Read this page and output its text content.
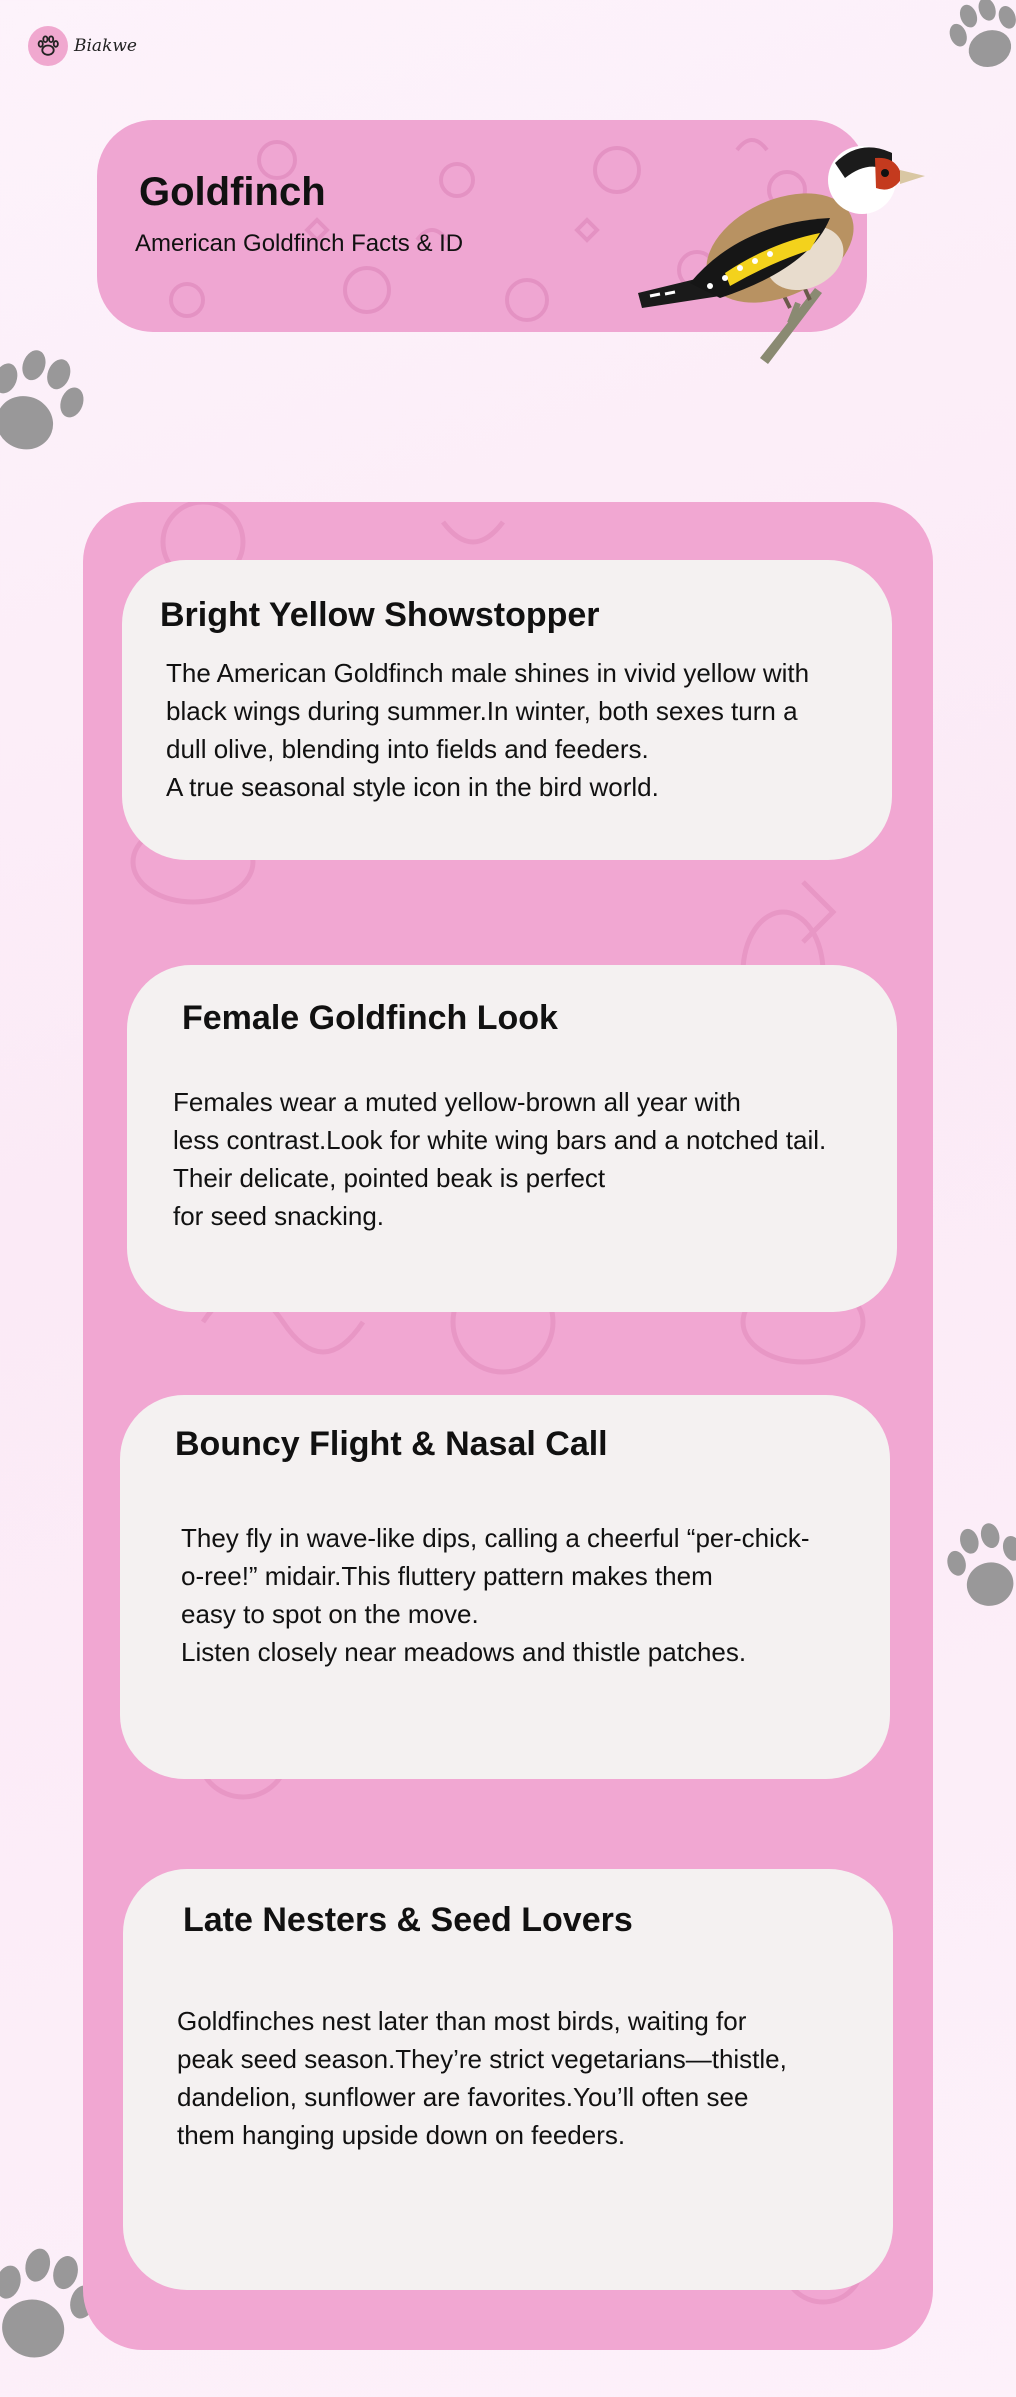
Biakwe
Goldfinch

American Goldfinch Facts & ID

Bright Yellow Showstopper

The American Goldfinch male shines in vivid yellow with

black wings during summer.In winter, both sexes turn a

dull olive, blending into fields and feeders.

A true seasonal style icon in the bird world.

Female Goldfinch Look

Females wear a muted yellow-brown all year with

less contrast.Look for white wing bars and a notched tail.

Their delicate, pointed beak is perfect

for seed snacking.

Bouncy Flight & Nasal Call

They fly in wave-like dips, calling a cheerful “per-chick-

o-ree!” midair.This fluttery pattern makes them

easy to spot on the move.

Listen closely near meadows and thistle patches.

Late Nesters & Seed Lovers

Goldfinches nest later than most birds, waiting for

peak seed season.They’re strict vegetarians—thistle,

dandelion, sunflower are favorites.You’ll often see

them hanging upside down on feeders.
